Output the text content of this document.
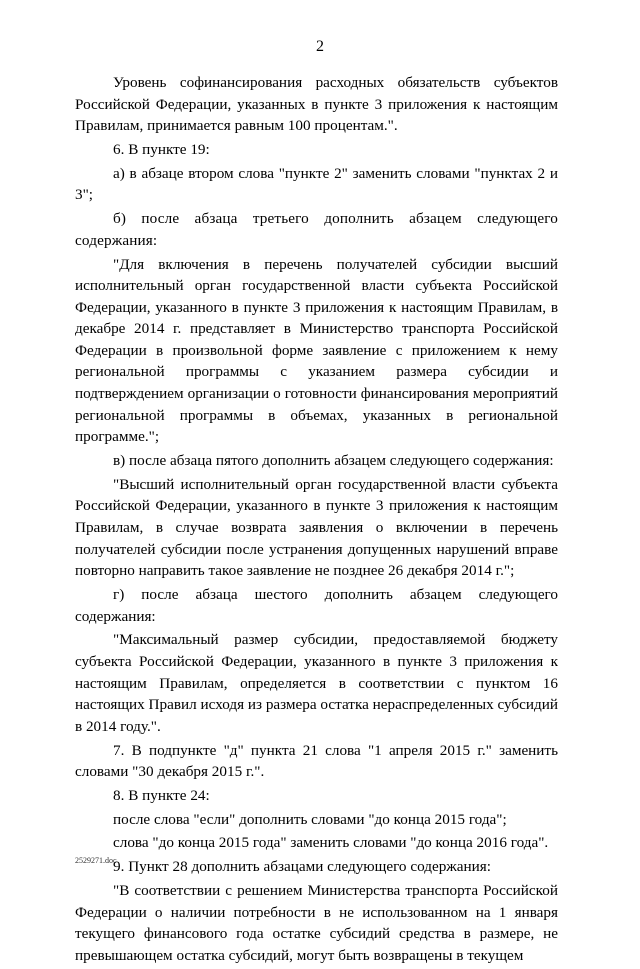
2

Уровень софинансирования расходных обязательств субъектов Российской Федерации, указанных в пункте 3 приложения к настоящим Правилам, принимается равным 100 процентам.".

6. В пункте 19:

а) в абзаце втором слова "пункте 2" заменить словами "пунктах 2 и 3";

б) после абзаца третьего дополнить абзацем следующего содержания:

"Для включения в перечень получателей субсидии высший исполнительный орган государственной власти субъекта Российской Федерации, указанного в пункте 3 приложения к настоящим Правилам, в декабре 2014 г. представляет в Министерство транспорта Российской Федерации в произвольной форме заявление с приложением к нему региональной программы с указанием размера субсидии и подтверждением организации о готовности финансирования мероприятий региональной программы в объемах, указанных в региональной программе.";

в) после абзаца пятого дополнить абзацем следующего содержания:

"Высший исполнительный орган государственной власти субъекта Российской Федерации, указанного в пункте 3 приложения к настоящим Правилам, в случае возврата заявления о включении в перечень получателей субсидии после устранения допущенных нарушений вправе повторно направить такое заявление не позднее 26 декабря 2014 г.";

г) после абзаца шестого дополнить абзацем следующего содержания:

"Максимальный размер субсидии, предоставляемой бюджету субъекта Российской Федерации, указанного в пункте 3 приложения к настоящим Правилам, определяется в соответствии с пунктом 16 настоящих Правил исходя из размера остатка нераспределенных субсидий в 2014 году.".

7. В подпункте "д" пункта 21 слова "1 апреля 2015 г." заменить словами "30 декабря 2015 г.".

8. В пункте 24:

после слова "если" дополнить словами "до конца 2015 года";

слова "до конца 2015 года" заменить словами "до конца 2016 года".

9. Пункт 28 дополнить абзацами следующего содержания:

"В соответствии с решением Министерства транспорта Российской Федерации о наличии потребности в не использованном на 1 января текущего финансового года остатке субсидий средства в размере, не превышающем остатка субсидий, могут быть возвращены в текущем

2529271.doc
